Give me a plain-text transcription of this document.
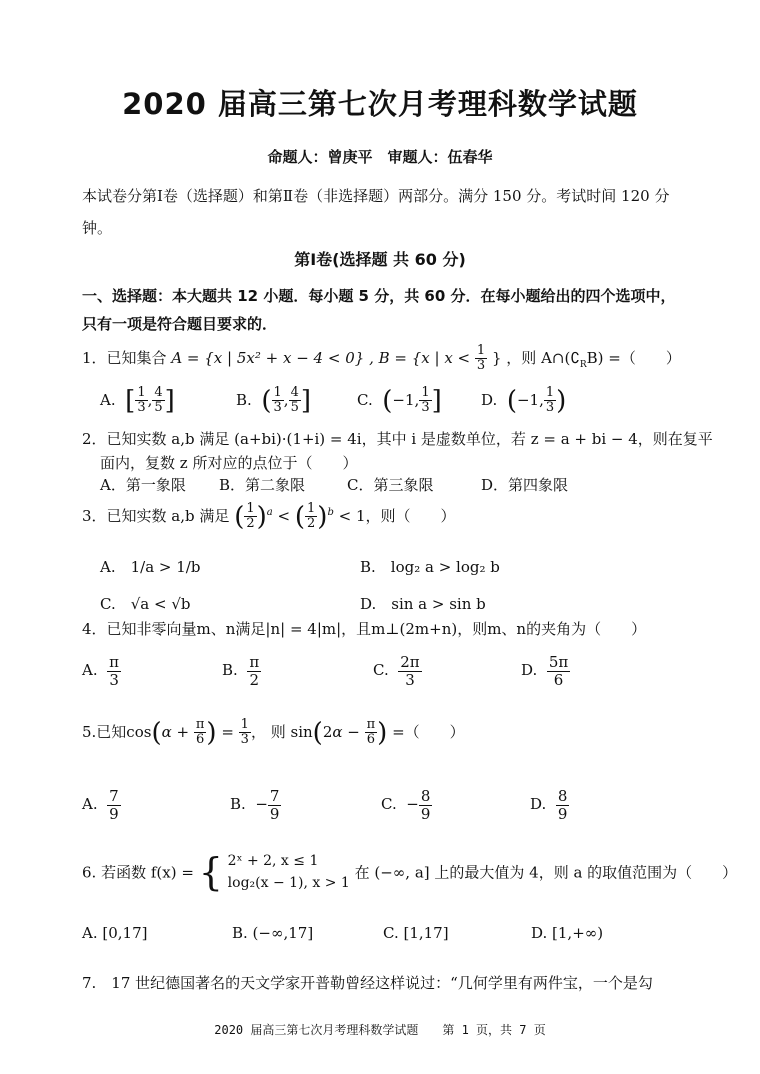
2020 届高三第七次月考理科数学试题
命题人：曾庚平　审题人：伍春华
本试卷分第Ⅰ卷（选择题）和第Ⅱ卷（非选择题）两部分。满分 150 分。考试时间 120 分钟。
第Ⅰ卷(选择题 共 60 分)
一、选择题：本大题共 12 小题．每小题 5 分，共 60 分．在每小题给出的四个选项中，只有一项是符合题目要求的．
1．已知集合 A = {x | 5x² + x − 4 < 0} , B = {x | $x < \frac{1}{3}$ } ，则 $A\cap(∁_RB)$ =（　　）
A. [ $\frac{1}{3}$ , $\frac{4}{5}$ ]	B. ( $\frac{1}{3}$ , $\frac{4}{5}$ ]	C. (−1, $\frac{1}{3}$ ]	D. (−1, $\frac{1}{3}$ )
2．已知实数 a,b 满足 (a+bi)·(1+i) = 4i，其中 i 是虚数单位，若 z = a + bi − 4，则在复平
面内，复数 z 所对应的点位于（　　）
A．第一象限 B．第二象限	C．第三象限	D．第四象限
3．已知实数 a,b 满足 ( $\frac{1}{2} )^a$ < ( $\frac{1}{2} )^b < 1$，则（　　）
A.　1/a > 1/b	B.　log₂ a > log₂ b
C.　√a < √b	D.　sin a > sin b
4．已知非零向量m、n满足|n| = 4|m|，且m⊥(2m+n)，则m、n的夹角为（　　）
A. $\frac{\pi}{3}$	B. $\frac{\pi}{2}$	C. $\frac{2\pi}{3}$	D. $\frac{5\pi}{6}$
5.已知$\cos(\alpha + \frac{\pi}{6}$ ) = $\frac{1}{3}$ ， 则 $\sin(2\alpha - \frac{\pi}{6}$ ) =（　　）
A. $\frac{7}{9}$	B. − $\frac{7}{9}$	C. − $\frac{8}{9}$	D. $\frac{8}{9}$
6. 若函数 f(x) = { 2ˣ + 2, x ≤ 1
log₂(x − 1), x > 1
在 (−∞, a] 上的最大值为 4，则 a 的取值范围为（　　）
A. [0,17]	B. (−∞,17]	C. [1,17]	D. [1,+∞)
7.　17 世纪德国著名的天文学家开普勒曾经这样说过：“几何学里有两件宝，一个是勾
2020 届高三第七次月考理科数学试题　　第 1 页，共 7 页
